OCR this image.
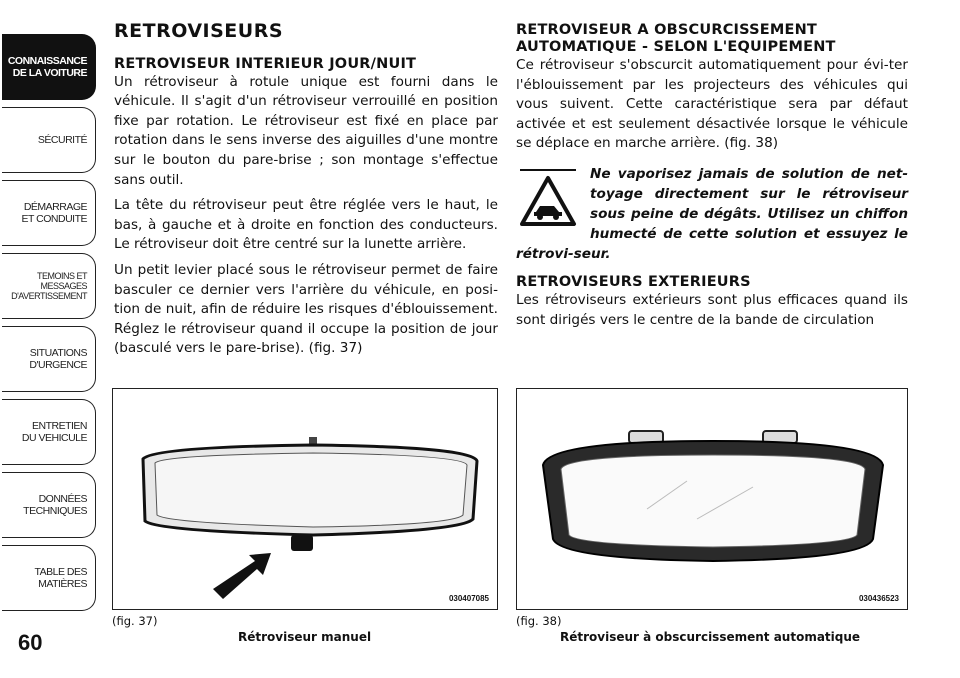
CONNAISSANCE
DE LA VOITURE
SÉCURITÉ
DÉMARRAGE
ET CONDUITE
TEMOINS ET
MESSAGES
D'AVERTISSEMENT
SITUATIONS
D'URGENCE
ENTRETIEN
DU VEHICULE
DONNÉES
TECHNIQUES
TABLE DES
MATIÈRES
60
RETROVISEURS
RETROVISEUR INTERIEUR JOUR/NUIT

Un rétroviseur à rotule unique est fourni dans le véhicule. Il s'agit d'un rétroviseur verrouillé en position fixe par rotation. Le rétroviseur est fixé en place par rotation dans le sens inverse des aiguilles d'une montre sur le bouton du pare-brise ; son montage s'effectue sans outil.

La tête du rétroviseur peut être réglée vers le haut, le bas, à gauche et à droite en fonction des conducteurs. Le rétroviseur doit être centré sur la lunette arrière.

Un petit levier placé sous le rétroviseur permet de faire basculer ce dernier vers l'arrière du véhicule, en posi-tion de nuit, afin de réduire les risques d'éblouissement. Réglez le rétroviseur quand il occupe la position de jour (basculé vers le pare-brise). (fig. 37)

RETROVISEUR A OBSCURCISSEMENT AUTOMATIQUE - SELON L'EQUIPEMENT

Ce rétroviseur s'obscurcit automatiquement pour évi-ter l'éblouissement par les projecteurs des véhicules qui vous suivent. Cette caractéristique sera par défaut activée et est seulement désactivée lorsque le véhicule se déplace en marche arrière. (fig. 38)

Ne vaporisez jamais de solution de net-toyage directement sur le rétroviseur sous peine de dégâts. Utilisez un chiffon humecté de cette solution et essuyez le rétrovi-seur.
RETROVISEURS EXTERIEURS

Les rétroviseurs extérieurs sont plus efficaces quand ils sont dirigés vers le centre de la bande de circulation

030407085
(fig. 37)
Rétroviseur manuel
030436523
(fig. 38)
Rétroviseur à obscurcissement automatique
